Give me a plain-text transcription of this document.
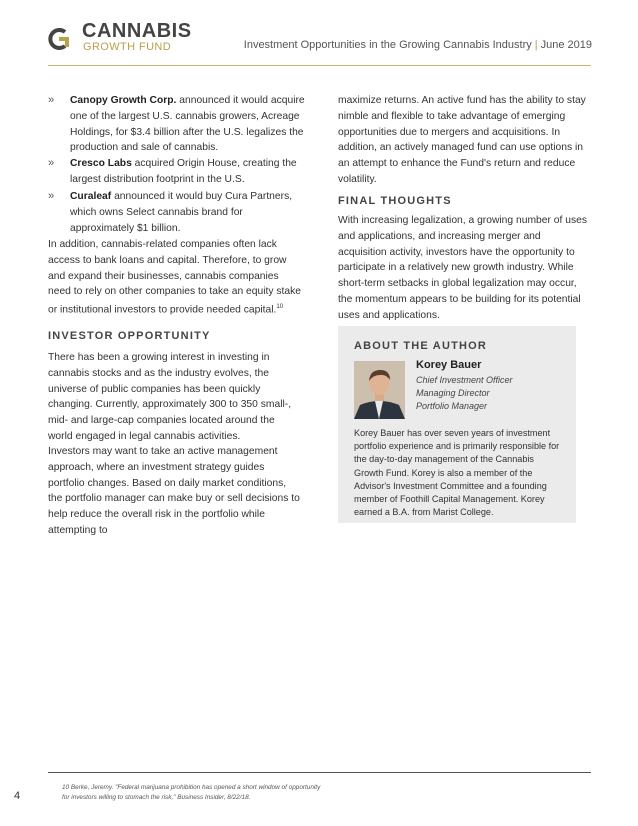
CANNABIS
GROWTH FUND	Investment Opportunities in the Growing Cannabis Industry | June 2019
» Canopy Growth Corp. announced it would acquire one of the largest U.S. cannabis growers, Acreage Holdings, for $3.4 billion after the U.S. legalizes the production and sale of cannabis.
» Cresco Labs acquired Origin House, creating the largest distribution footprint in the U.S.
» Curaleaf announced it would buy Cura Partners, which owns Select cannabis brand for approximately $1 billion.
In addition, cannabis-related companies often lack access to bank loans and capital. Therefore, to grow and expand their businesses, cannabis companies need to rely on other companies to take an equity stake or institutional investors to provide needed capital.$^{10}$
INVESTOR OPPORTUNITY
There has been a growing interest in investing in cannabis stocks and as the industry evolves, the universe of public companies has been quickly changing. Currently, approximately 300 to 350 small-, mid- and large-cap companies located around the world engaged in legal cannabis activities.
Investors may want to take an active management approach, where an investment strategy guides portfolio changes. Based on daily market conditions, the portfolio manager can make buy or sell decisions to help reduce the overall risk in the portfolio while attempting to
maximize returns. An active fund has the ability to stay nimble and flexible to take advantage of emerging opportunities due to mergers and acquisitions. In addition, an actively managed fund can use options in an attempt to enhance the Fund's return and reduce volatility.
FINAL THOUGHTS
With increasing legalization, a growing number of uses and applications, and increasing merger and acquisition activity, investors have the opportunity to participate in a relatively new growth industry. While short-term setbacks in global legalization may occur, the momentum appears to be building for its potential uses and applications.
ABOUT THE AUTHOR
Korey Bauer
Chief Investment Officer
Managing Director
Portfolio Manager
Korey Bauer has over seven years of investment portfolio experience and is primarily responsible for the day-to-day management of the Cannabis Growth Fund. Korey is also a member of the Advisor's Investment Committee and a founding member of Foothill Capital Management. Korey earned a B.A. from Marist College.
4
10 Berke, Jeremy. "Federal marijuana prohibition has opened a short window of opportunity for investors willing to stomach the risk," Business Insider, 8/22/18.
